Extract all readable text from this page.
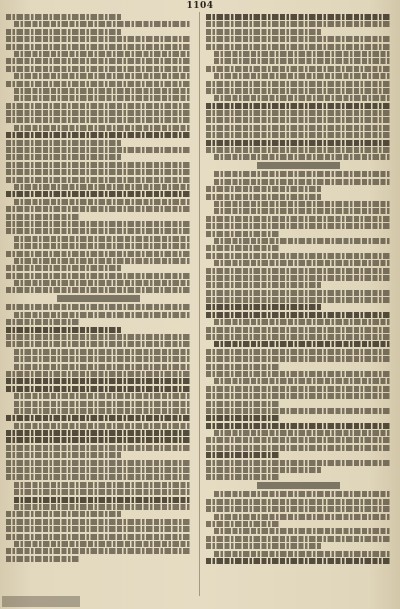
1104
